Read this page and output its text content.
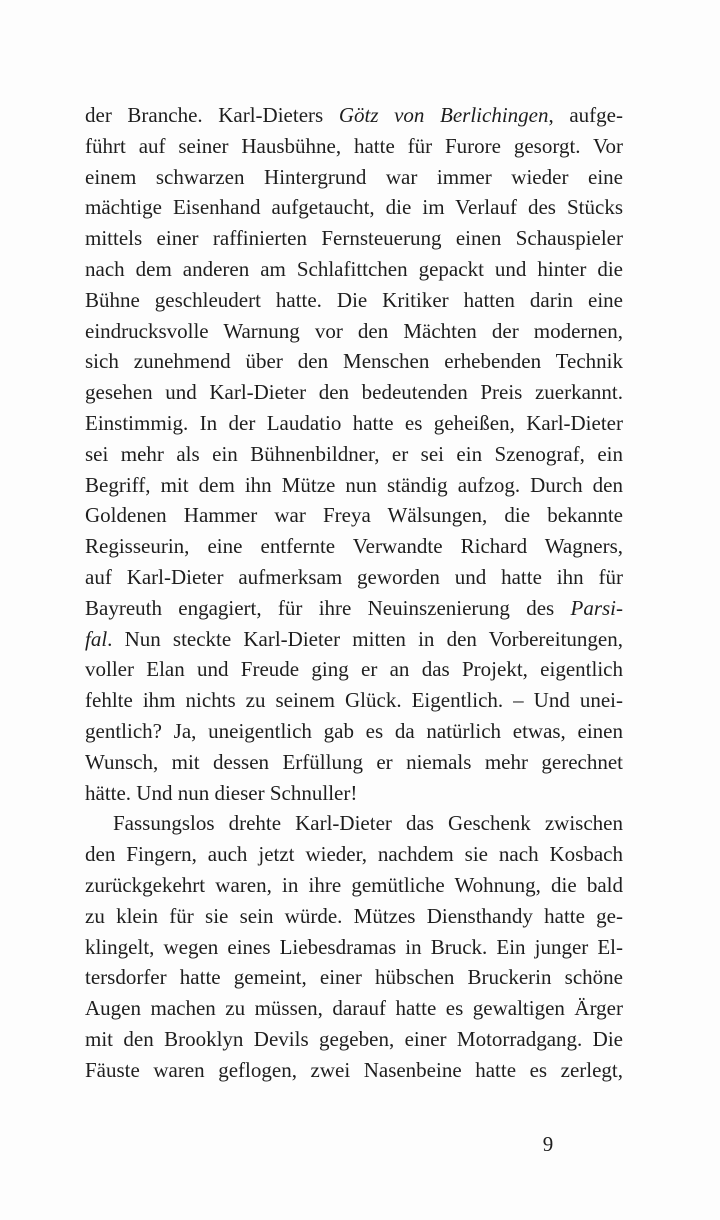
der Branche. Karl-Dieters Götz von Berlichingen, aufge-
führt auf seiner Hausbühne, hatte für Furore gesorgt. Vor
einem schwarzen Hintergrund war immer wieder eine
mächtige Eisenhand aufgetaucht, die im Verlauf des Stücks
mittels einer raffinierten Fernsteuerung einen Schauspieler
nach dem anderen am Schlafittchen gepackt und hinter die
Bühne geschleudert hatte. Die Kritiker hatten darin eine
eindrucksvolle Warnung vor den Mächten der modernen,
sich zunehmend über den Menschen erhebenden Technik
gesehen und Karl-Dieter den bedeutenden Preis zuerkannt.
Einstimmig. In der Laudatio hatte es geheißen, Karl-Dieter
sei mehr als ein Bühnenbildner, er sei ein Szenograf, ein
Begriff, mit dem ihn Mütze nun ständig aufzog. Durch den
Goldenen Hammer war Freya Wälsungen, die bekannte
Regisseurin, eine entfernte Verwandte Richard Wagners,
auf Karl-Dieter aufmerksam geworden und hatte ihn für
Bayreuth engagiert, für ihre Neuinszenierung des Parsi-
fal. Nun steckte Karl-Dieter mitten in den Vorbereitungen,
voller Elan und Freude ging er an das Projekt, eigentlich
fehlte ihm nichts zu seinem Glück. Eigentlich. – Und unei-
gentlich? Ja, uneigentlich gab es da natürlich etwas, einen
Wunsch, mit dessen Erfüllung er niemals mehr gerechnet
hätte. Und nun dieser Schnuller!
Fassungslos drehte Karl-Dieter das Geschenk zwischen
den Fingern, auch jetzt wieder, nachdem sie nach Kosbach
zurückgekehrt waren, in ihre gemütliche Wohnung, die bald
zu klein für sie sein würde. Mützes Diensthandy hatte ge-
klingelt, wegen eines Liebesdramas in Bruck. Ein junger El-
tersdorfer hatte gemeint, einer hübschen Bruckerin schöne
Augen machen zu müssen, darauf hatte es gewaltigen Ärger
mit den Brooklyn Devils gegeben, einer Motorradgang. Die
Fäuste waren geflogen, zwei Nasenbeine hatte es zerlegt,
9
